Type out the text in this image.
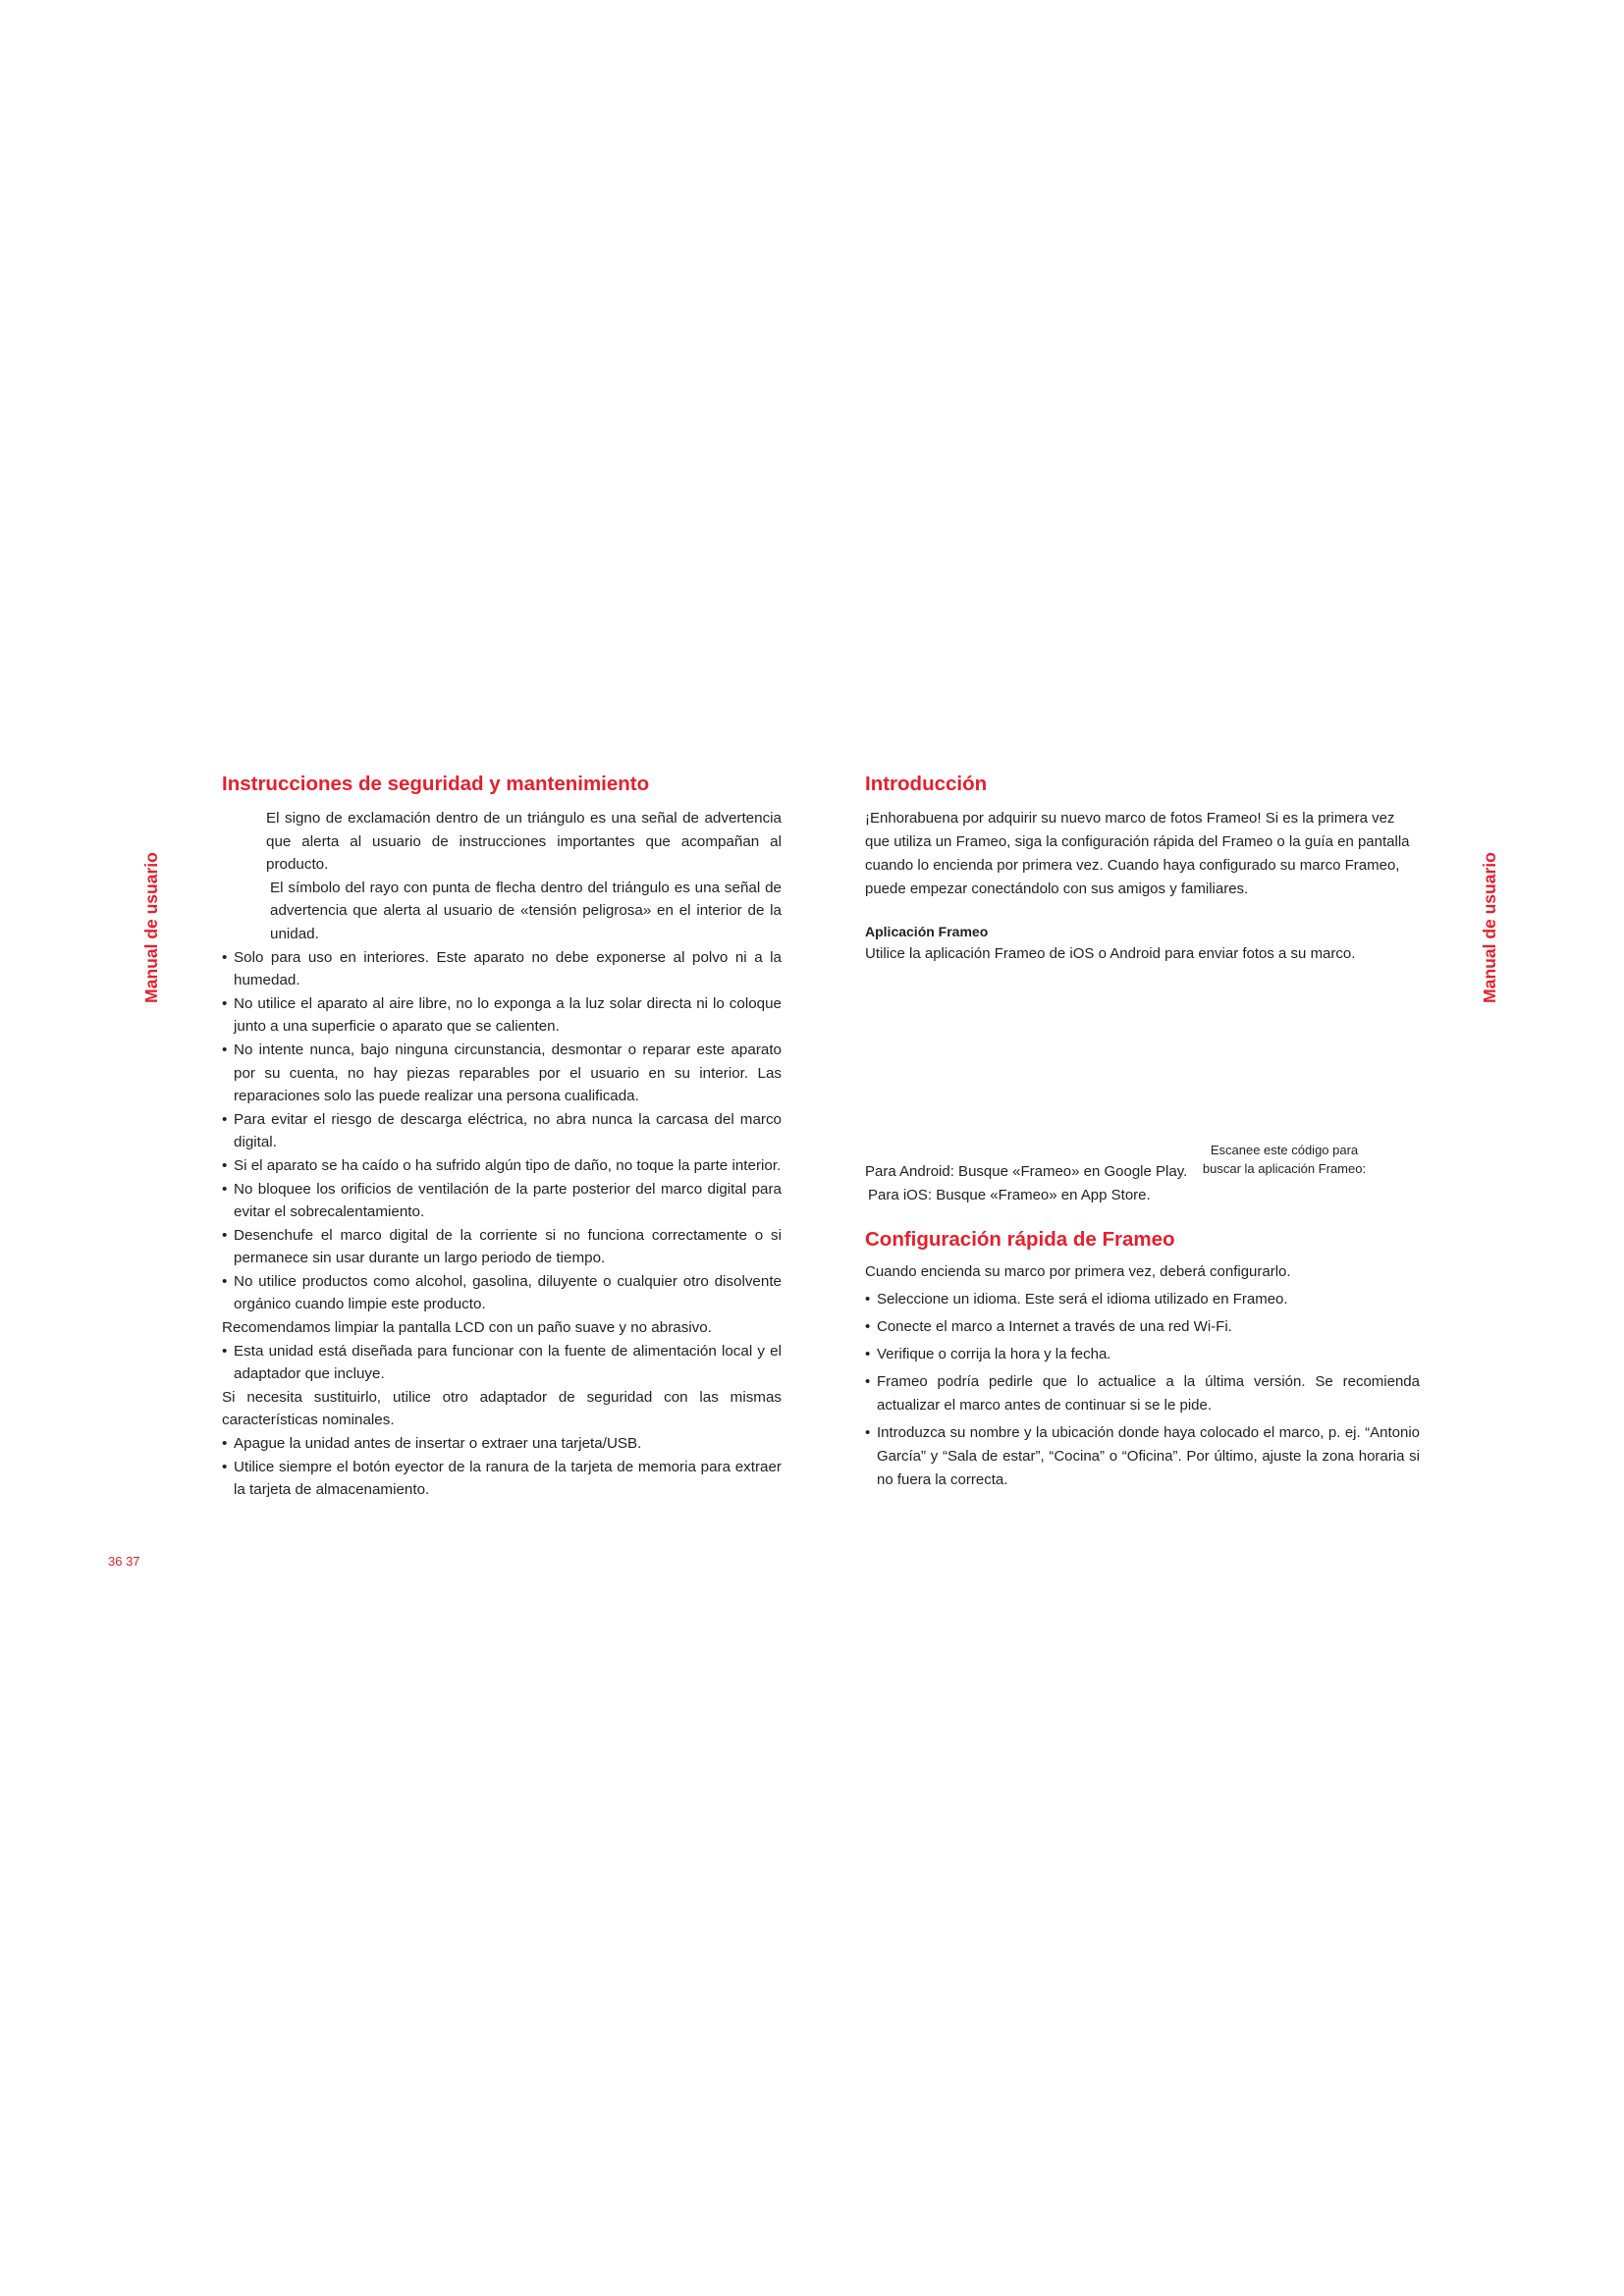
Manual de usuario	Manual de usuario
Instrucciones de seguridad y mantenimiento

El signo de exclamación dentro de un triángulo es una señal de advertencia que alerta al usuario de instrucciones importantes que acompañan al producto.

El símbolo del rayo con punta de flecha dentro del triángulo es una señal de advertencia que alerta al usuario de «tensión peligrosa» en el interior de la unidad.

• Solo para uso en interiores. Este aparato no debe exponerse al polvo ni a la humedad.
• No utilice el aparato al aire libre, no lo exponga a la luz solar directa ni lo coloque junto a una superficie o aparato que se calienten.
• No intente nunca, bajo ninguna circunstancia, desmontar o reparar este aparato por su cuenta, no hay piezas reparables por el usuario en su interior. Las reparaciones solo las puede realizar una persona cualificada.
• Para evitar el riesgo de descarga eléctrica, no abra nunca la carcasa del marco digital.
• Si el aparato se ha caído o ha sufrido algún tipo de daño, no toque la parte interior.
• No bloquee los orificios de ventilación de la parte posterior del marco digital para evitar el sobrecalentamiento.
• Desenchufe el marco digital de la corriente si no funciona correctamente o si permanece sin usar durante un largo periodo de tiempo.
• No utilice productos como alcohol, gasolina, diluyente o cualquier otro disolvente orgánico cuando limpie este producto.

Recomendamos limpiar la pantalla LCD con un paño suave y no abrasivo.

• Esta unidad está diseñada para funcionar con la fuente de alimentación local y el adaptador que incluye.

Si necesita sustituirlo, utilice otro adaptador de seguridad con las mismas características nominales.

• Apague la unidad antes de insertar o extraer una tarjeta/USB.
• Utilice siempre el botón eyector de la ranura de la tarjeta de memoria para extraer la tarjeta de almacenamiento.
Introducción

¡Enhorabuena por adquirir su nuevo marco de fotos Frameo! Si es la primera vez que utiliza un Frameo, siga la configuración rápida del Frameo o la guía en pantalla cuando lo encienda por primera vez. Cuando haya configurado su marco Frameo, puede empezar conectándolo con sus amigos y familiares.

Aplicación Frameo

Utilice la aplicación Frameo de iOS o Android para enviar fotos a su marco.

Para Android: Busque «Frameo» en Google Play.

Para iOS: Busque «Frameo» en App Store.

Configuración rápida de Frameo

Cuando encienda su marco por primera vez, deberá configurarlo.

• Seleccione un idioma. Este será el idioma utilizado en Frameo.
• Conecte el marco a Internet a través de una red Wi-Fi.
• Verifique o corrija la hora y la fecha.
• Frameo podría pedirle que lo actualice a la última versión. Se recomienda actualizar el marco antes de continuar si se le pide.
• Introduzca su nombre y la ubicación donde haya colocado el marco, p. ej. “Antonio García” y “Sala de estar”, “Cocina” o “Oficina”. Por último, ajuste la zona horaria si no fuera la correcta.
Escanee este código para
buscar la aplicación Frameo:
36 37
